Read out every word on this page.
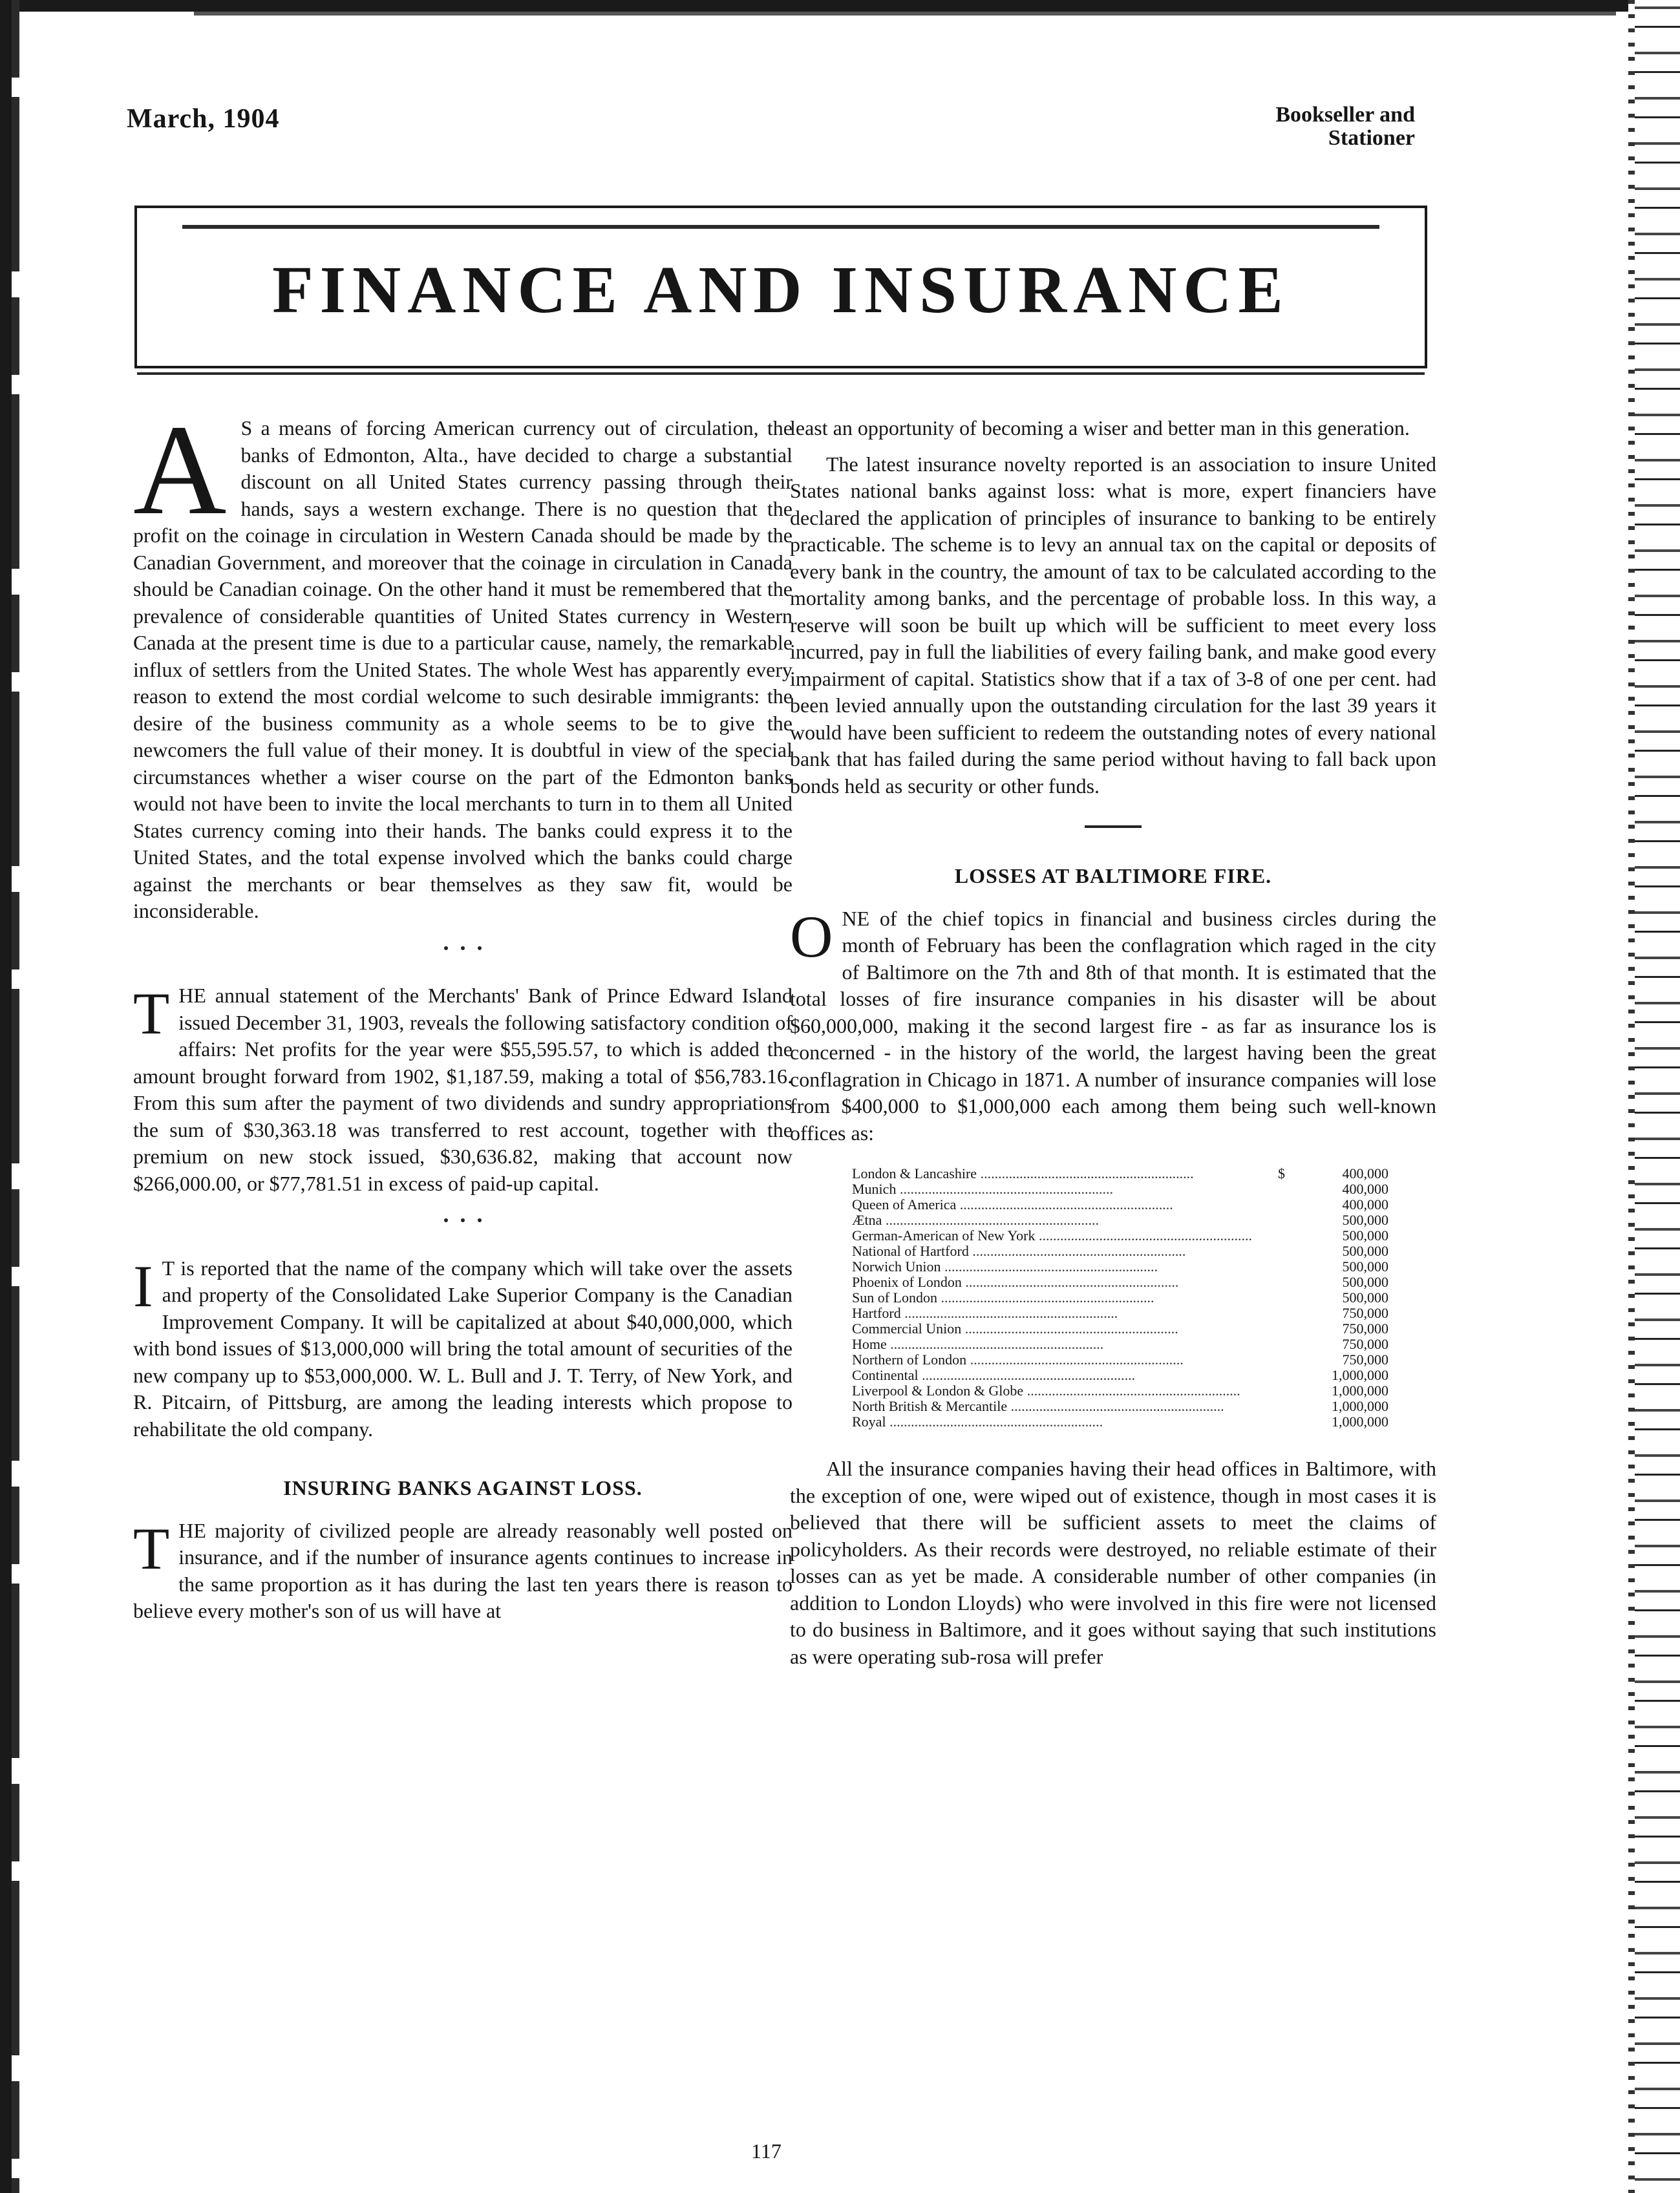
March, 1904	Bookseller and
Stationer
FINANCE AND INSURANCE

A S a means of forcing American currency out of circulation, the banks of Edmonton, Alta., have decided to charge a substantial discount on all United States currency passing through their hands, says a western exchange. There is no question that the profit on the coinage in circulation in Western Canada should be made by the Canadian Government, and moreover that the coinage in circulation in Canada should be Canadian coinage. On the other hand it must be remembered that the prevalence of considerable quantities of United States currency in Western Canada at the present time is due to a particular cause, namely, the remarkable influx of settlers from the United States. The whole West has apparently every reason to extend the most cordial welcome to such desirable immigrants: the desire of the business community as a whole seems to be to give the newcomers the full value of their money. It is doubtful in view of the special circumstances whether a wiser course on the part of the Edmonton banks would not have been to invite the local merchants to turn in to them all United States currency coming into their hands. The banks could express it to the United States, and the total expense involved which the banks could charge against the merchants or bear themselves as they saw fit, would be inconsiderable.

T HE annual statement of the Merchants' Bank of Prince Edward Island issued December 31, 1903, reveals the following satisfactory condition of affairs: Net profits for the year were $55,595.57, to which is added the amount brought forward from 1902, $1,187.59, making a total of $56,783.16. From this sum after the payment of two dividends and sundry appropriations the sum of $30,363.18 was transferred to rest account, together with the premium on new stock issued, $30,636.82, making that account now $266,000.00, or $77,781.51 in excess of paid-up capital.

I T is reported that the name of the company which will take over the assets and property of the Consolidated Lake Superior Company is the Canadian Improvement Company. It will be capitalized at about $40,000,000, which with bond issues of $13,000,000 will bring the total amount of securities of the new company up to $53,000,000. W. L. Bull and J. T. Terry, of New York, and R. Pitcairn, of Pittsburg, are among the leading interests which propose to rehabilitate the old company.

INSURING BANKS AGAINST LOSS.

T HE majority of civilized people are already reasonably well posted on insurance, and if the number of insurance agents continues to increase in the same proportion as it has during the last ten years there is reason to believe every mother's son of us will have at

least an opportunity of becoming a wiser and better man in this generation.

The latest insurance novelty reported is an association to insure United States national banks against loss: what is more, expert financiers have declared the application of principles of insurance to banking to be entirely practicable. The scheme is to levy an annual tax on the capital or deposits of every bank in the country, the amount of tax to be calculated according to the mortality among banks, and the percentage of probable loss. In this way, a reserve will soon be built up which will be sufficient to meet every loss incurred, pay in full the liabilities of every failing bank, and make good every impairment of capital. Statistics show that if a tax of 3-8 of one per cent. had been levied annually upon the outstanding circulation for the last 39 years it would have been sufficient to redeem the outstanding notes of every national bank that has failed during the same period without having to fall back upon bonds held as security or other funds.

LOSSES AT BALTIMORE FIRE.

O NE of the chief topics in financial and business circles during the month of February has been the conflagration which raged in the city of Baltimore on the 7th and 8th of that month. It is estimated that the total losses of fire insurance companies in his disaster will be about $60,000,000, making it the second largest fire - as far as insurance los is concerned - in the history of the world, the largest having been the great conflagration in Chicago in 1871. A number of insurance companies will lose from $400,000 to $1,000,000 each among them being such well-known offices as:

London & Lancashire ............................................................	$	400,000
Munich ............................................................		400,000
Queen of America ............................................................		400,000
Ætna ............................................................		500,000
German-American of New York ............................................................		500,000
National of Hartford ............................................................		500,000
Norwich Union ............................................................		500,000
Phoenix of London ............................................................		500,000
Sun of London ............................................................		500,000
Hartford ............................................................		750,000
Commercial Union ............................................................		750,000
Home ............................................................		750,000
Northern of London ............................................................		750,000
Continental ............................................................		1,000,000
Liverpool & London & Globe ............................................................		1,000,000
North British & Mercantile ............................................................		1,000,000
Royal ............................................................		1,000,000

All the insurance companies having their head offices in Baltimore, with the exception of one, were wiped out of existence, though in most cases it is believed that there will be sufficient assets to meet the claims of policyholders. As their records were destroyed, no reliable estimate of their losses can as yet be made. A considerable number of other companies (in addition to London Lloyds) who were involved in this fire were not licensed to do business in Baltimore, and it goes without saying that such institutions as were operating sub-rosa will prefer

117
